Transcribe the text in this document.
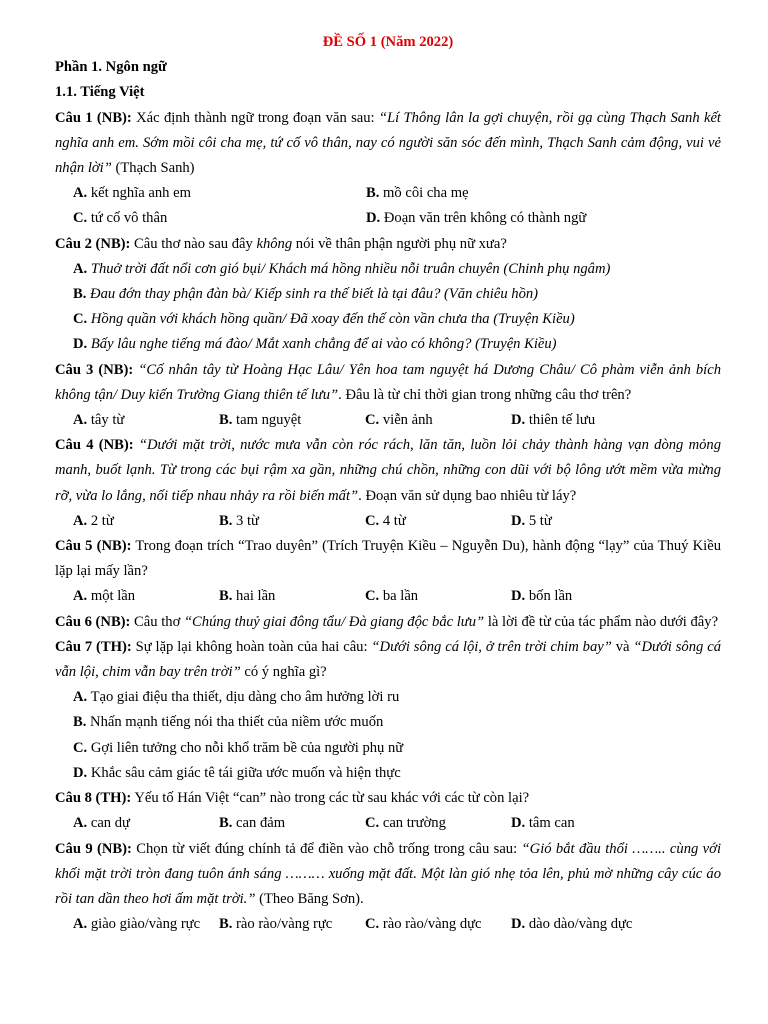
ĐỀ SỐ 1 (Năm 2022)
Phần 1. Ngôn ngữ
1.1. Tiếng Việt
Câu 1 (NB): Xác định thành ngữ trong đoạn văn sau: “Lí Thông lân la gợi chuyện, rồi gạ cùng Thạch Sanh kết nghĩa anh em. Sớm mồi côi cha mẹ, tứ cố vô thân, nay có người săn sóc đến mình, Thạch Sanh cảm động, vui vẻ nhận lời” (Thạch Sanh)
A. kết nghĩa anh em	B. mồ côi cha mẹ
C. tứ cố vô thân	D. Đoạn văn trên không có thành ngữ
Câu 2 (NB): Câu thơ nào sau đây không nói về thân phận người phụ nữ xưa?
A. Thuở trời đất nổi cơn gió bụi/ Khách má hồng nhiều nỗi truân chuyên (Chinh phụ ngâm)
B. Đau đớn thay phận đàn bà/ Kiếp sinh ra thế biết là tại đâu? (Văn chiêu hồn)
C. Hồng quần với khách hồng quần/ Đã xoay đến thế còn vần chưa tha (Truyện Kiều)
D. Bấy lâu nghe tiếng má đào/ Mắt xanh chẳng để ai vào có không? (Truyện Kiều)
Câu 3 (NB): “Cố nhân tây từ Hoàng Hạc Lâu/ Yên hoa tam nguyệt há Dương Châu/ Cô phàm viễn ảnh bích không tận/ Duy kiến Trường Giang thiên tế lưu”. Đâu là từ chỉ thời gian trong những câu thơ trên?
A. tây từ	B. tam nguyệt	C. viễn ảnh	D. thiên tế lưu
Câu 4 (NB): “Dưới mặt trời, nước mưa vẫn còn róc rách, lăn tăn, luồn lỏi chảy thành hàng vạn dòng mỏng manh, buốt lạnh. Từ trong các bụi rậm xa gần, những chú chồn, những con dũi với bộ lông ướt mềm vừa mừng rỡ, vừa lo lắng, nối tiếp nhau nhảy ra rồi biến mất”. Đoạn văn sử dụng bao nhiêu từ láy?
A. 2 từ	B. 3 từ	C. 4 từ	D. 5 từ
Câu 5 (NB): Trong đoạn trích “Trao duyên” (Trích Truyện Kiều – Nguyễn Du), hành động “lạy” của Thuý Kiều lặp lại mấy lần?
A. một lần	B. hai lần	C. ba lần	D. bốn lần
Câu 6 (NB): Câu thơ “Chúng thuỷ giai đông tẩu/ Đà giang độc bắc lưu” là lời đề từ của tác phẩm nào dưới đây?
Câu 7 (TH): Sự lặp lại không hoàn toàn của hai câu: “Dưới sông cá lội, ở trên trời chim bay” và “Dưới sông cá vẫn lội, chim vẫn bay trên trời” có ý nghĩa gì?
A. Tạo giai điệu tha thiết, dịu dàng cho âm hưởng lời ru
B. Nhấn mạnh tiếng nói tha thiết của niềm ước muốn
C. Gợi liên tưởng cho nỗi khổ trăm bề của người phụ nữ
D. Khắc sâu cảm giác tê tái giữa ước muốn và hiện thực
Câu 8 (TH): Yếu tố Hán Việt “can” nào trong các từ sau khác với các từ còn lại?
A. can dự	B. can đảm	C. can trường	D. tâm can
Câu 9 (NB): Chọn từ viết đúng chính tả để điền vào chỗ trống trong câu sau: “Gió bắt đầu thổi …….. cùng với khối mặt trời tròn đang tuôn ánh sáng ……… xuống mặt đất. Một làn gió nhẹ tỏa lên, phủ mờ những cây cúc áo rồi tan dần theo hơi ấm mặt trời.” (Theo Băng Sơn).
A. giào giào/vàng rực	B. rào rào/vàng rực	C. rào rào/vàng dực	D. dào dào/vàng dực
